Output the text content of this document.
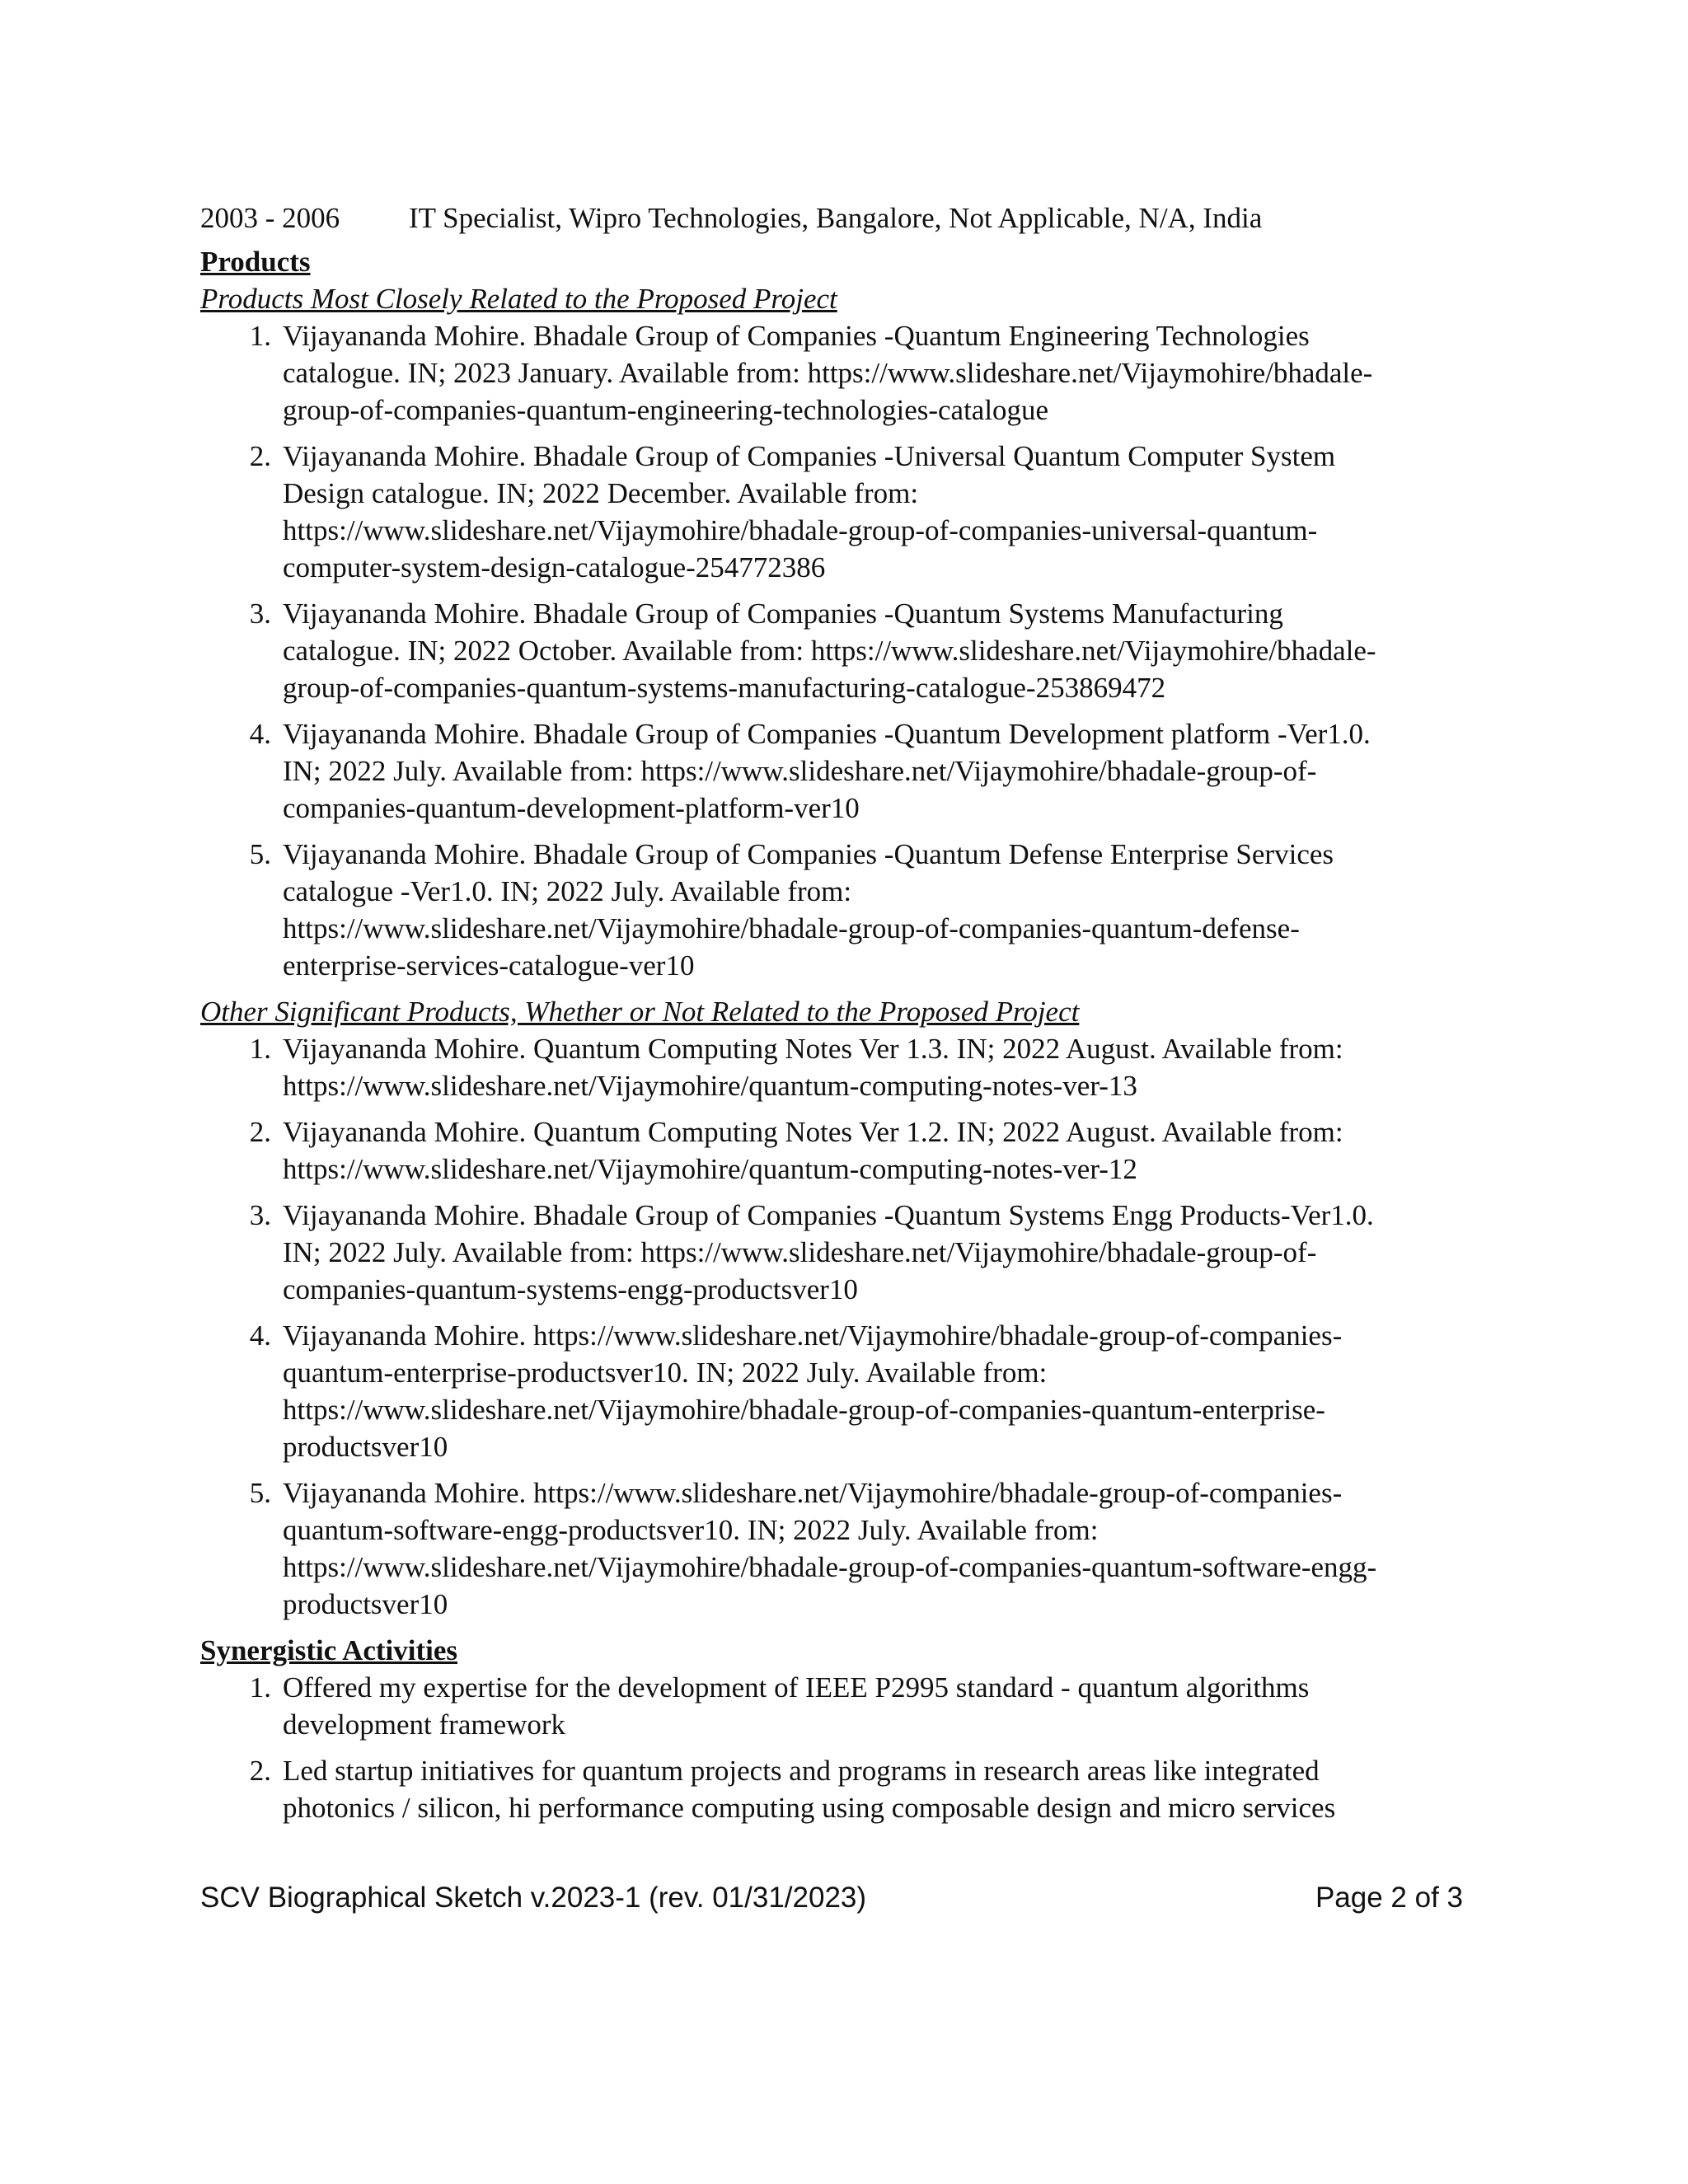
2003 - 2006	IT Specialist, Wipro Technologies, Bangalore, Not Applicable, N/A, India
Products
Products Most Closely Related to the Proposed Project
1. Vijayananda Mohire. Bhadale Group of Companies -Quantum Engineering Technologies
catalogue. IN; 2023 January. Available from: https://www.slideshare.net/Vijaymohire/bhadale-
group-of-companies-quantum-engineering-technologies-catalogue
2. Vijayananda Mohire. Bhadale Group of Companies -Universal Quantum Computer System
Design catalogue. IN; 2022 December. Available from:
https://www.slideshare.net/Vijaymohire/bhadale-group-of-companies-universal-quantum-
computer-system-design-catalogue-254772386
3. Vijayananda Mohire. Bhadale Group of Companies -Quantum Systems Manufacturing
catalogue. IN; 2022 October. Available from: https://www.slideshare.net/Vijaymohire/bhadale-
group-of-companies-quantum-systems-manufacturing-catalogue-253869472
4. Vijayananda Mohire. Bhadale Group of Companies -Quantum Development platform -Ver1.0.
IN; 2022 July. Available from: https://www.slideshare.net/Vijaymohire/bhadale-group-of-
companies-quantum-development-platform-ver10
5. Vijayananda Mohire. Bhadale Group of Companies -Quantum Defense Enterprise Services
catalogue -Ver1.0. IN; 2022 July. Available from:
https://www.slideshare.net/Vijaymohire/bhadale-group-of-companies-quantum-defense-
enterprise-services-catalogue-ver10
Other Significant Products, Whether or Not Related to the Proposed Project
1. Vijayananda Mohire. Quantum Computing Notes Ver 1.3. IN; 2022 August. Available from:
https://www.slideshare.net/Vijaymohire/quantum-computing-notes-ver-13
2. Vijayananda Mohire. Quantum Computing Notes Ver 1.2. IN; 2022 August. Available from:
https://www.slideshare.net/Vijaymohire/quantum-computing-notes-ver-12
3. Vijayananda Mohire. Bhadale Group of Companies -Quantum Systems Engg Products-Ver1.0.
IN; 2022 July. Available from: https://www.slideshare.net/Vijaymohire/bhadale-group-of-
companies-quantum-systems-engg-productsver10
4. Vijayananda Mohire. https://www.slideshare.net/Vijaymohire/bhadale-group-of-companies-
quantum-enterprise-productsver10. IN; 2022 July. Available from:
https://www.slideshare.net/Vijaymohire/bhadale-group-of-companies-quantum-enterprise-
productsver10
5. Vijayananda Mohire. https://www.slideshare.net/Vijaymohire/bhadale-group-of-companies-
quantum-software-engg-productsver10. IN; 2022 July. Available from:
https://www.slideshare.net/Vijaymohire/bhadale-group-of-companies-quantum-software-engg-
productsver10
Synergistic Activities
1. Offered my expertise for the development of IEEE P2995 standard - quantum algorithms
development framework
2. Led startup initiatives for quantum projects and programs in research areas like integrated
photonics / silicon, hi performance computing using composable design and micro services
SCV Biographical Sketch v.2023-1 (rev. 01/31/2023)	Page 2 of 3
